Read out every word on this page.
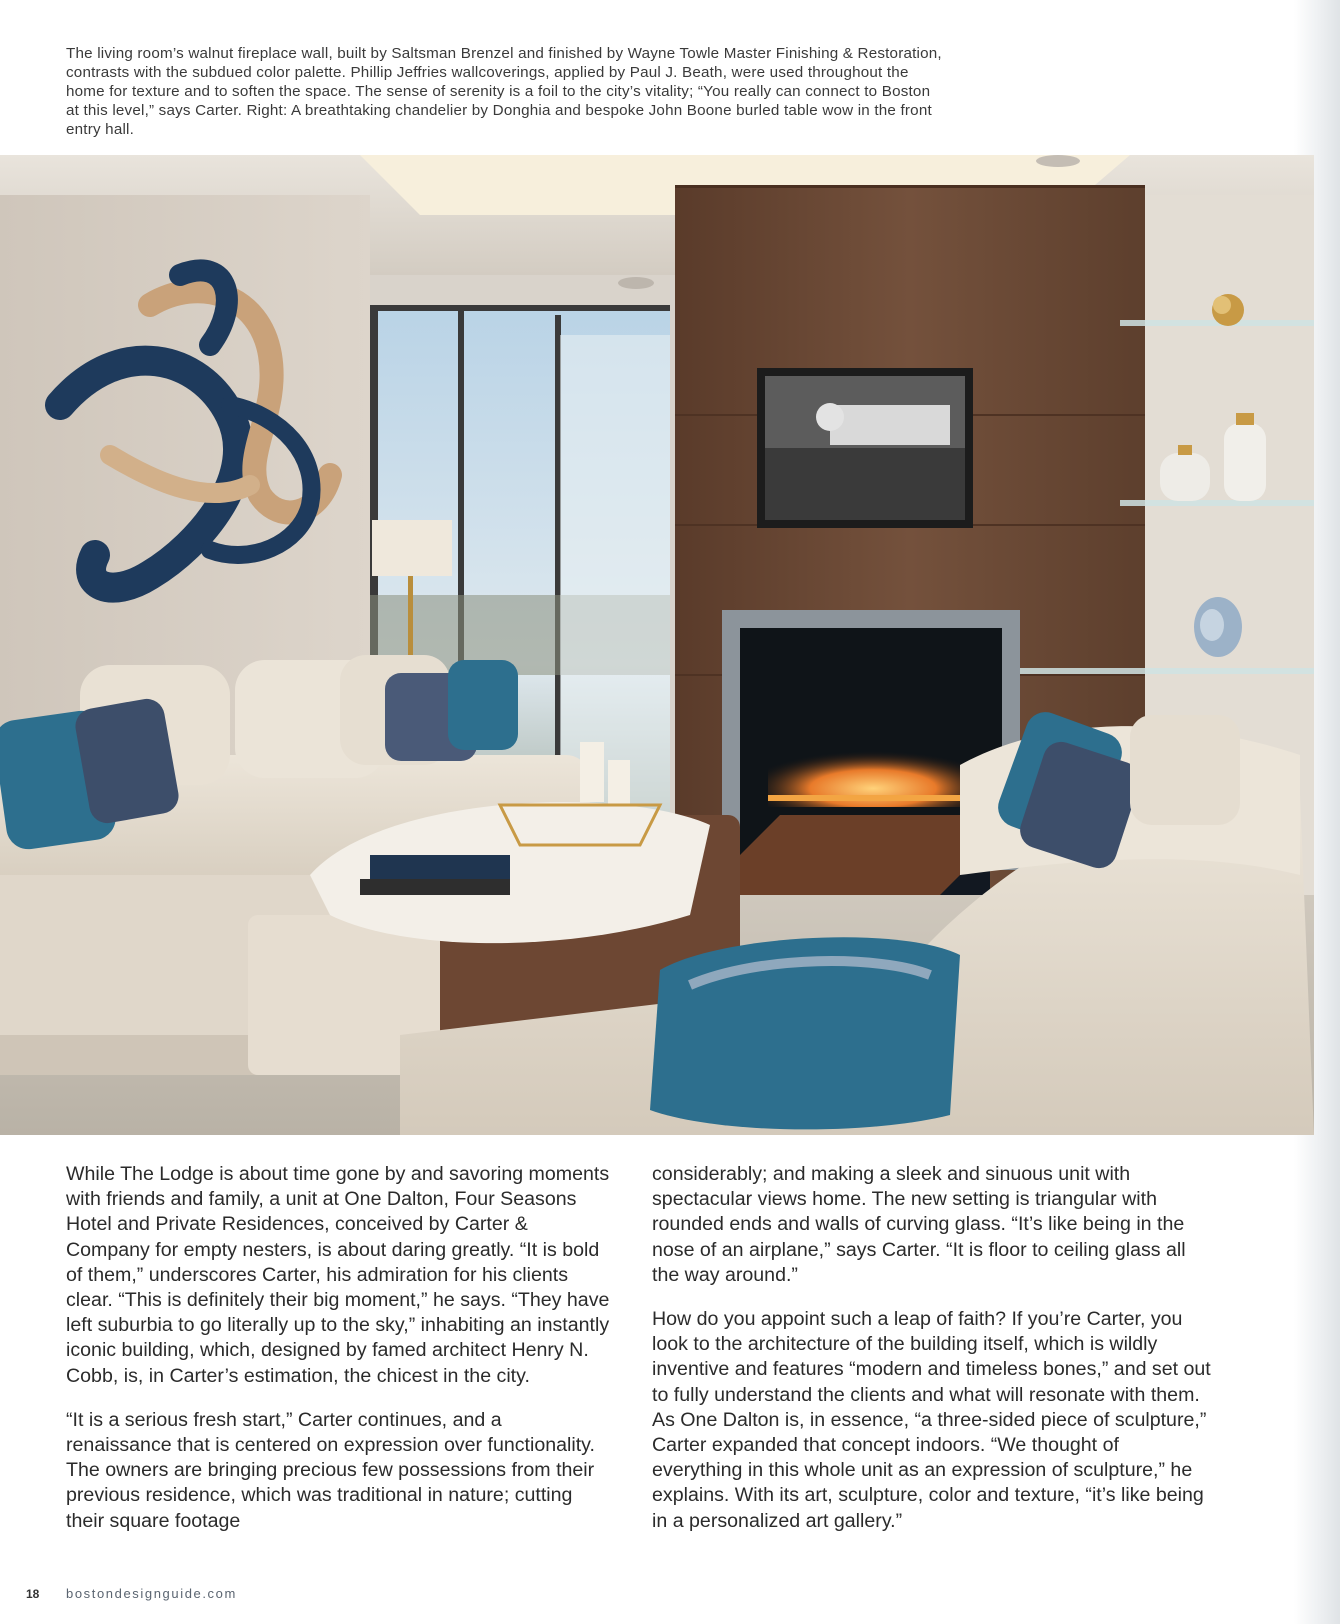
The living room’s walnut fireplace wall, built by Saltsman Brenzel and finished by Wayne Towle Master Finishing & Restoration, contrasts with the subdued color palette. Phillip Jeffries wallcoverings, applied by Paul J. Beath, were used throughout the home for texture and to soften the space. The sense of serenity is a foil to the city’s vitality; “You really can connect to Boston at this level,” says Carter. Right: A breathtaking chandelier by Donghia and bespoke John Boone burled table wow in the front entry hall.

While The Lodge is about time gone by and savoring moments with friends and family, a unit at One Dalton, Four Seasons Hotel and Private Residences, conceived by Carter & Company for empty nesters, is about daring greatly. “It is bold of them,” underscores Carter, his admiration for his clients clear. “This is definitely their big moment,” he says. “They have left suburbia to go literally up to the sky,” inhabiting an instantly iconic building, which, designed by famed architect Henry N. Cobb, is, in Carter’s estimation, the chicest in the city.

“It is a serious fresh start,” Carter continues, and a renaissance that is centered on expression over functionality. The owners are bringing precious few possessions from their previous residence, which was traditional in nature; cutting their square footage

considerably; and making a sleek and sinuous unit with spectacular views home. The new setting is triangular with rounded ends and walls of curving glass. “It’s like being in the nose of an airplane,” says Carter. “It is floor to ceiling glass all the way around.”

How do you appoint such a leap of faith? If you’re Carter, you look to the architecture of the building itself, which is wildly inventive and features “modern and timeless bones,” and set out to fully understand the clients and what will resonate with them. As One Dalton is, in essence, “a three-sided piece of sculpture,” Carter expanded that concept indoors. “We thought of everything in this whole unit as an expression of sculpture,” he explains. With its art, sculpture, color and texture, “it’s like being in a personalized art gallery.”

18 bostondesignguide.com
